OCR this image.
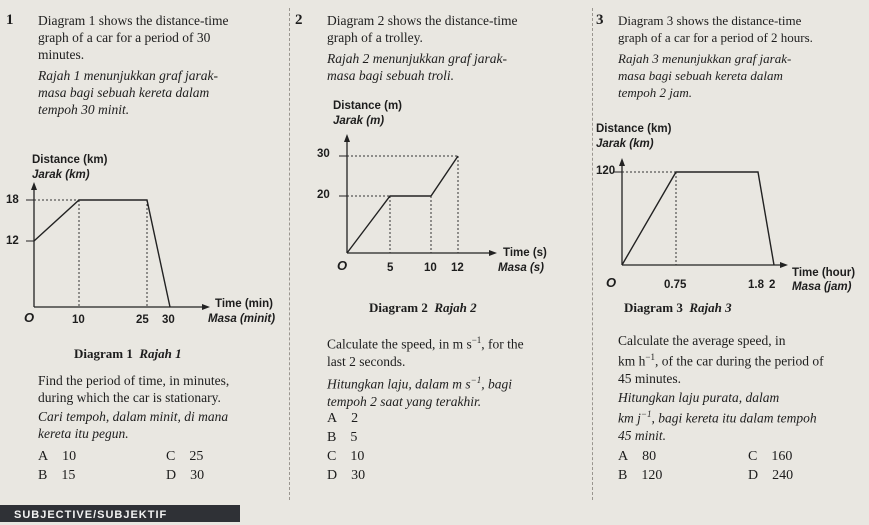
1 Diagram 1 shows the distance-time
graph of a car for a period of 30
minutes.
Rajah 1 menunjukkan graf jarak-
masa bagi sebuah kereta dalam
tempoh 30 minit.
Distance (km)
Jarak (km)
18
12
O	10	25 30
Time (min)
Masa (minit)
Diagram 1 Rajah 1
Find the period of time, in minutes,
during which the car is stationary.
Cari tempoh, dalam minit, di mana
kereta itu pegun.
A 10	C 25
B 15	D 30
2 Diagram 2 shows the distance-time
graph of a trolley.
Rajah 2 menunjukkan graf jarak-
masa bagi sebuah troli.
Distance (m)
Jarak (m)
30
20
O	5	10 12
Time (s)
Masa (s)
Diagram 2 Rajah 2
Calculate the speed, in m $s^{-1}$, for the
last 2 seconds.
Hitungkan laju, dalam m $s^{-1}$, bagi
tempoh 2 saat yang terakhir.
A 2
B 5
C 10
D 30
3 Diagram 3 shows the distance-time
graph of a car for a period of 2 hours.
Rajah 3 menunjukkan graf jarak-
masa bagi sebuah kereta dalam
tempoh 2 jam.
Distance (km)
Jarak (km)
120
O	0.75	1.8 2
Time (hour)
Masa (jam)
Diagram 3 Rajah 3
Calculate the average speed, in
km $h^{-1}$, of the car during the period of
45 minutes.
Hitungkan laju purata, dalam
km $j^{-1}$, bagi kereta itu dalam tempoh
45 minit.
A 80	C 160
B 120	D 240
SUBJECTIVE/SUBJEKTIF
